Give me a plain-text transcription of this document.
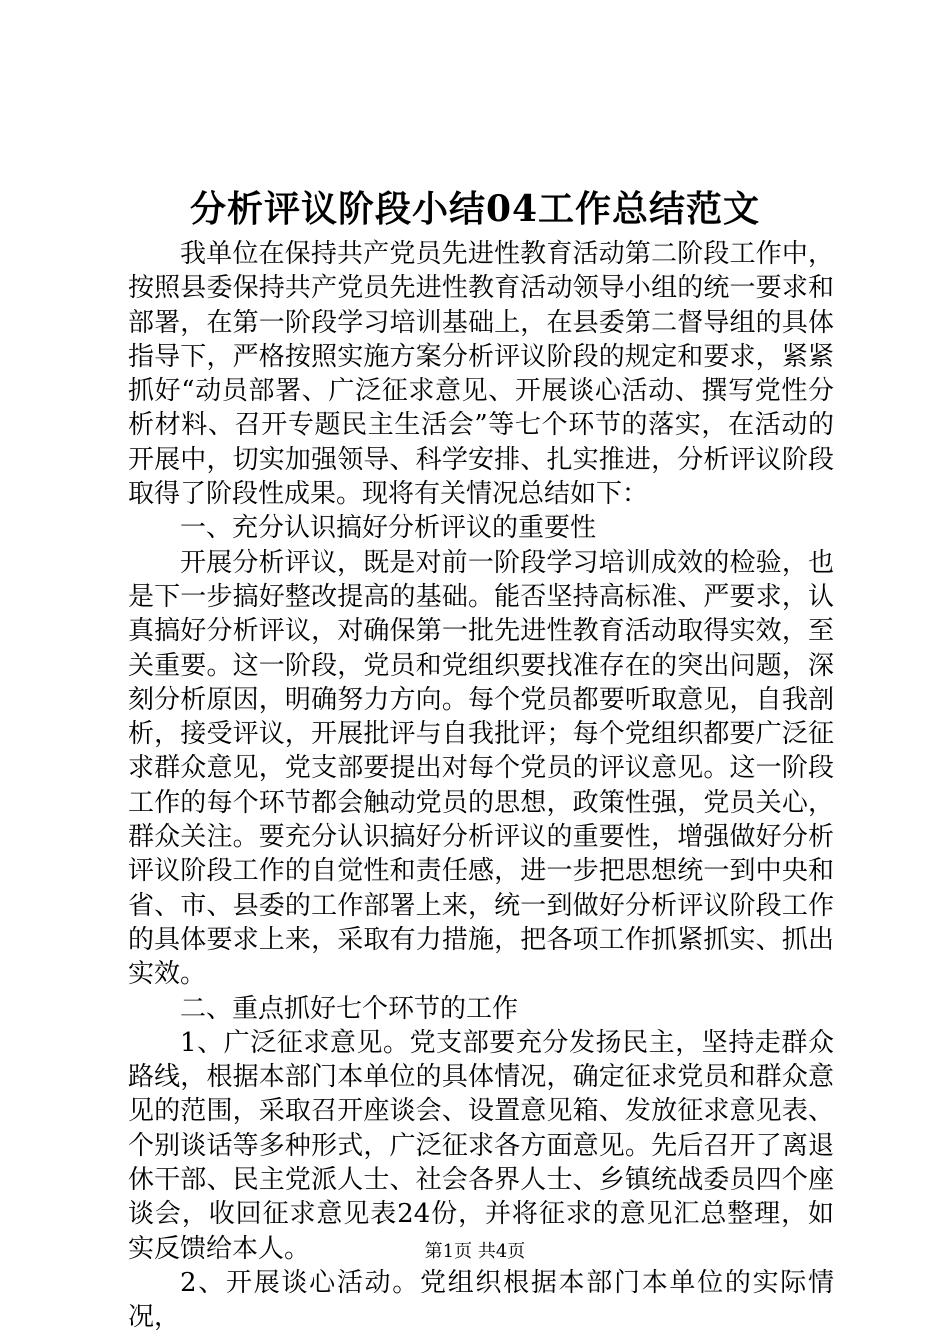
分析评议阶段小结04工作总结范文

我单位在保持共产党员先进性教育活动第二阶段工作中，按照县委保持共产党员先进性教育活动领导小组的统一要求和部署，在第一阶段学习培训基础上，在县委第二督导组的具体指导下，严格按照实施方案分析评议阶段的规定和要求，紧紧抓好“动员部署、广泛征求意见、开展谈心活动、撰写党性分析材料、召开专题民主生活会”等七个环节的落实，在活动的开展中，切实加强领导、科学安排、扎实推进，分析评议阶段取得了阶段性成果。现将有关情况总结如下：

一、充分认识搞好分析评议的重要性

开展分析评议，既是对前一阶段学习培训成效的检验，也是下一步搞好整改提高的基础。能否坚持高标准、严要求，认真搞好分析评议，对确保第一批先进性教育活动取得实效，至关重要。这一阶段，党员和党组织要找准存在的突出问题，深刻分析原因，明确努力方向。每个党员都要听取意见，自我剖析，接受评议，开展批评与自我批评；每个党组织都要广泛征求群众意见，党支部要提出对每个党员的评议意见。这一阶段工作的每个环节都会触动党员的思想，政策性强，党员关心，群众关注。要充分认识搞好分析评议的重要性，增强做好分析评议阶段工作的自觉性和责任感，进一步把思想统一到中央和省、市、县委的工作部署上来，统一到做好分析评议阶段工作的具体要求上来，采取有力措施，把各项工作抓紧抓实、抓出实效。

二、重点抓好七个环节的工作

1、广泛征求意见。党支部要充分发扬民主，坚持走群众路线，根据本部门本单位的具体情况，确定征求党员和群众意见的范围，采取召开座谈会、设置意见箱、发放征求意见表、个别谈话等多种形式，广泛征求各方面意见。先后召开了离退休干部、民主党派人士、社会各界人士、乡镇统战委员四个座谈会，收回征求意见表24份，并将征求的意见汇总整理，如实反馈给本人。

2、开展谈心活动。党组织根据本部门本单位的实际情况，

第1页 共4页
